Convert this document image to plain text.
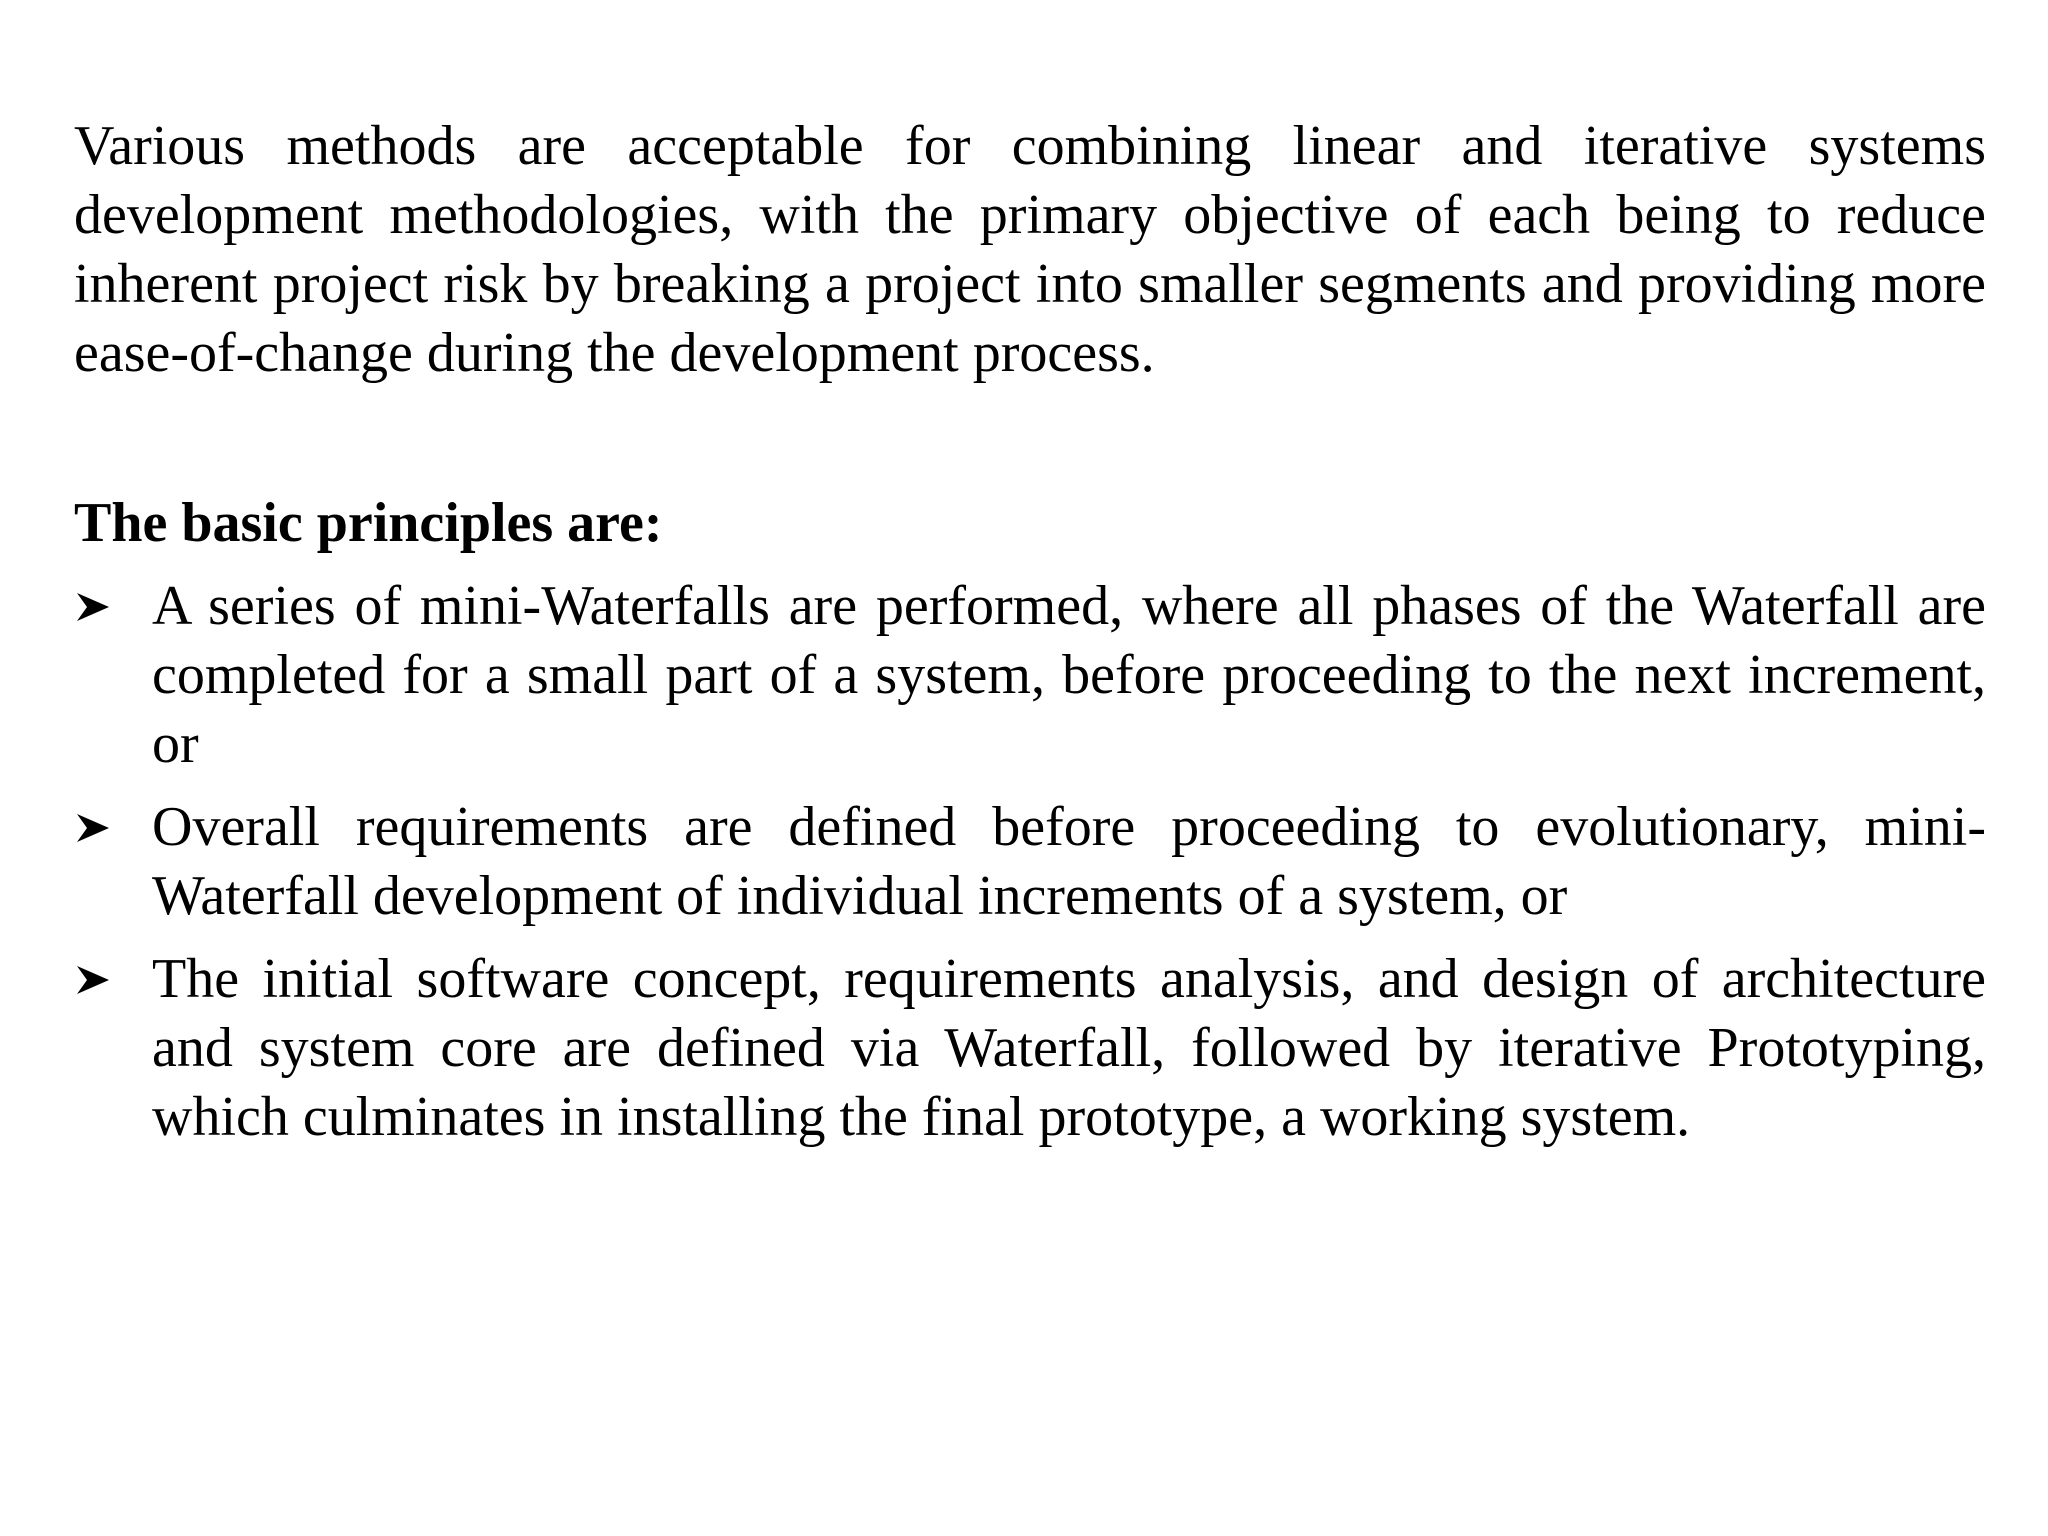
Various methods are acceptable for combining linear and iterative systems development methodologies, with the primary objective of each being to reduce inherent project risk by breaking a project into smaller segments and providing more ease-of-change during the development process.

The basic principles are:

A series of mini-Waterfalls are performed, where all phases of the Waterfall are completed for a small part of a system, before proceeding to the next increment, or
Overall requirements are defined before proceeding to evolutionary, mini-Waterfall development of individual increments of a system, or
The initial software concept, requirements analysis, and design of architecture and system core are defined via Waterfall, followed by iterative Prototyping, which culminates in installing the final prototype, a working system.
